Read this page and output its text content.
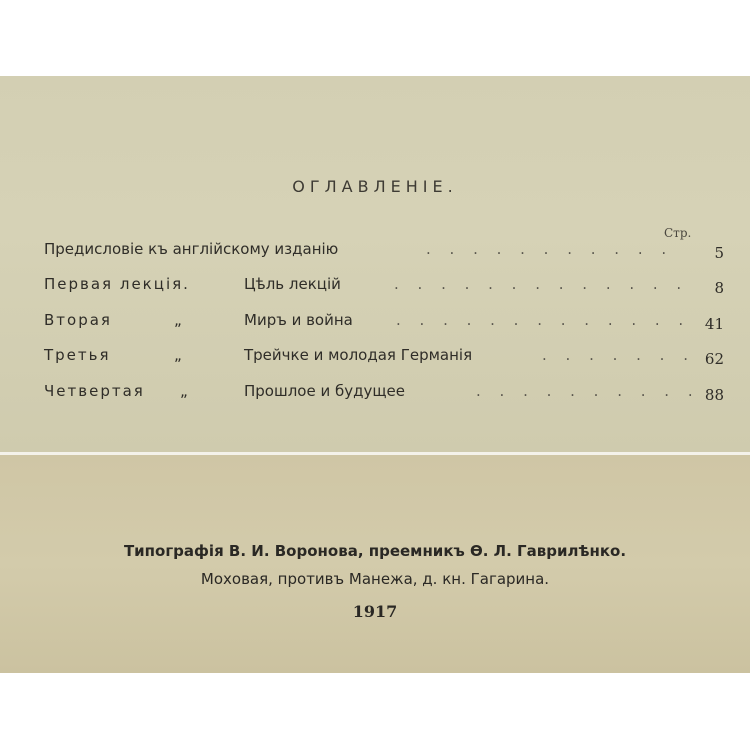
ОГЛАВЛЕНІЕ.
Стр.
Предисловіе къ англійскому изданію	. . . . . . . . . . .	5
Первая лекція.	Цѣль лекцій	. . . . . . . . . . . . . 8
Вторая	„	Миръ и война	. . . . . . . . . . . . . 41
Третья	„	Трейчке и молодая Германія	. . . . . . . 62
Четвертая „	Прошлое и будущее	. . . . . . . . . . 88
Типографія В. И. Воронова, преемникъ Ѳ. Л. Гаврилѣнко.
Моховая, противъ Манежа, д. кн. Гагарина.
1917
